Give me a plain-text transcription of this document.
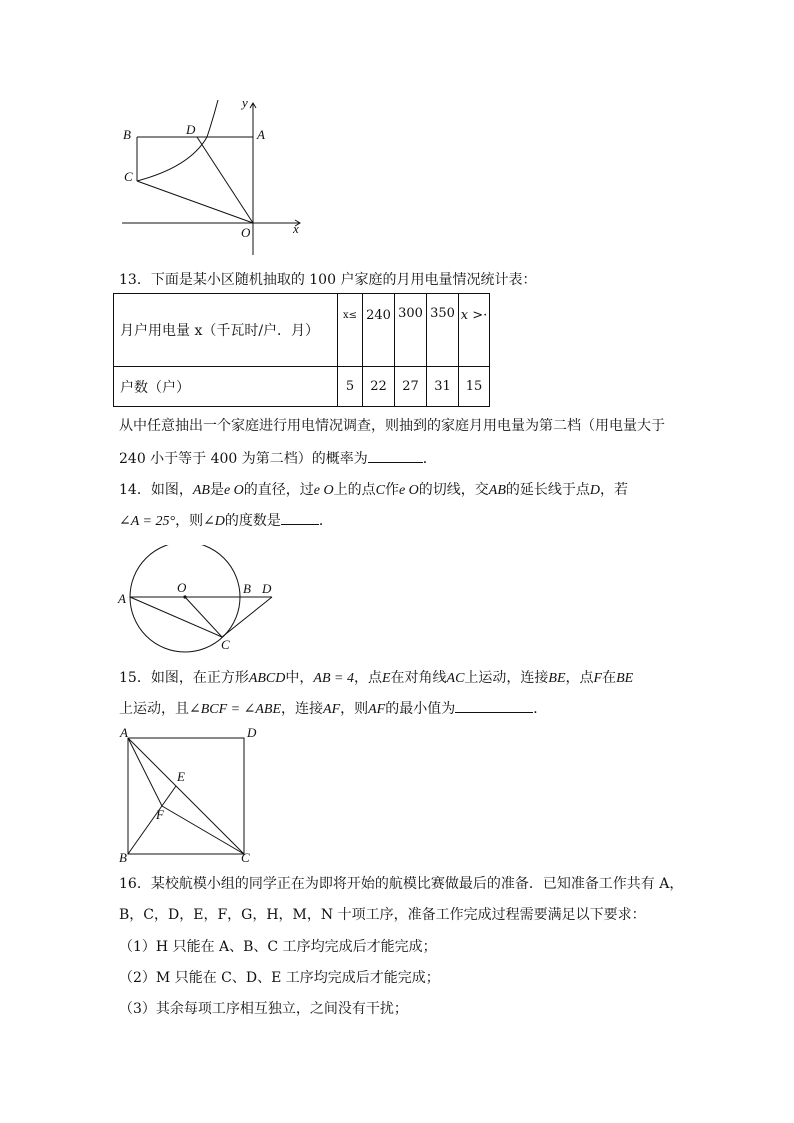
y
A
B	D
C
O	x
13．下面是某小区随机抽取的 100 户家庭的月用电量情况统计表：
月户用电量 x（千瓦时/户．月）	x≤	240	300	350	x >·
户数（户）	5	22	27	31	15
从中任意抽出一个家庭进行用电情况调查，则抽到的家庭月用电量为第二档（用电量大于
240 小于等于 400 为第二档）的概率为	．
14．如图，AB是e O的直径，过e O上的点C作e O的切线，交AB的延长线于点D，若
∠A = 25°，则∠D的度数是	．
A
O	B D
C
15．如图，在正方形ABCD中，AB = 4，点E在对角线AC上运动，连接BE，点F在BE
上运动，且∠BCF = ∠ABE，连接AF，则AF的最小值为	．
A	D
E
F
B	C
16．某校航模小组的同学正在为即将开始的航模比赛做最后的准备．已知准备工作共有 A，
B，C，D，E，F，G，H，M，N 十项工序，准备工作完成过程需要满足以下要求：
（1）H 只能在 A、B、C 工序均完成后才能完成；
（2）M 只能在 C、D、E 工序均完成后才能完成；
（3）其余每项工序相互独立，之间没有干扰；
